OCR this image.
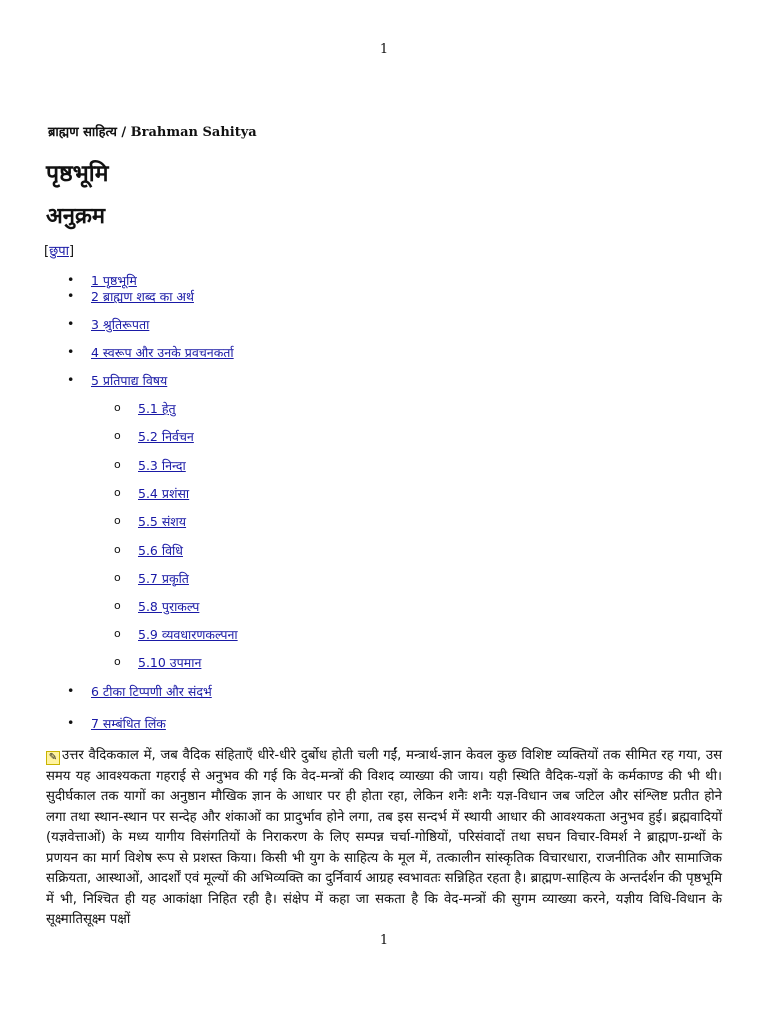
1
ब्राह्मण साहित्य / Brahman Sahitya
पृष्ठभूमि
अनुक्रम
[छुपा]
• 1 पृष्ठभूमि
• 2 ब्राह्मण शब्द का अर्थ
• 3 श्रुतिरूपता
• 4 स्वरूप और उनके प्रवचनकर्ता
• 5 प्रतिपाद्य विषय
o 5.1 हेतु
o 5.2 निर्वचन
o 5.3 निन्दा
o 5.4 प्रशंसा
o 5.5 संशय
o 5.6 विधि
o 5.7 प्रकृति
o 5.8 पुराकल्प
o 5.9 व्यवधारणकल्पना
o 5.10 उपमान
• 6 टीका टिप्पणी और संदर्भ
• 7 सम्बंधित लिंक
✎ उत्तर वैदिककाल में, जब वैदिक संहिताएँ धीरे-धीरे दुर्बोध होती चली गईं, मन्त्रार्थ-ज्ञान केवल कुछ विशिष्ट व्यक्तियों तक सीमित रह गया, उस समय यह आवश्यकता गहराई से अनुभव की गई कि वेद-मन्त्रों की विशद व्याख्या की जाय। यही स्थिति वैदिक-यज्ञों के कर्मकाण्ड की भी थी। सुदीर्घकाल तक यागों का अनुष्ठान मौखिक ज्ञान के आधार पर ही होता रहा, लेकिन शनैः शनैः यज्ञ-विधान जब जटिल और संश्लिष्ट प्रतीत होने लगा तथा स्थान-स्थान पर सन्देह और शंकाओं का प्रादुर्भाव होने लगा, तब इस सन्दर्भ में स्थायी आधार की आवश्यकता अनुभव हुई। ब्रह्मवादियों (यज्ञवेत्ताओं) के मध्य यागीय विसंगतियों के निराकरण के लिए सम्पन्न चर्चा-गोष्ठियों, परिसंवादों तथा सघन विचार-विमर्श ने ब्राह्मण-ग्रन्थों के प्रणयन का मार्ग विशेष रूप से प्रशस्त किया। किसी भी युग के साहित्य के मूल में, तत्कालीन सांस्कृतिक विचारधारा, राजनीतिक और सामाजिक सक्रियता, आस्थाओं, आदर्शों एवं मूल्यों की अभिव्यक्ति का दुर्निवार्य आग्रह स्वभावतः सन्निहित रहता है। ब्राह्मण-साहित्य के अन्तर्दर्शन की पृष्ठभूमि में भी, निश्चित ही यह आकांक्षा निहित रही है। संक्षेप में कहा जा सकता है कि वेद-मन्त्रों की सुगम व्याख्या करने, यज्ञीय विधि-विधान के सूक्ष्मातिसूक्ष्म पक्षों
1
